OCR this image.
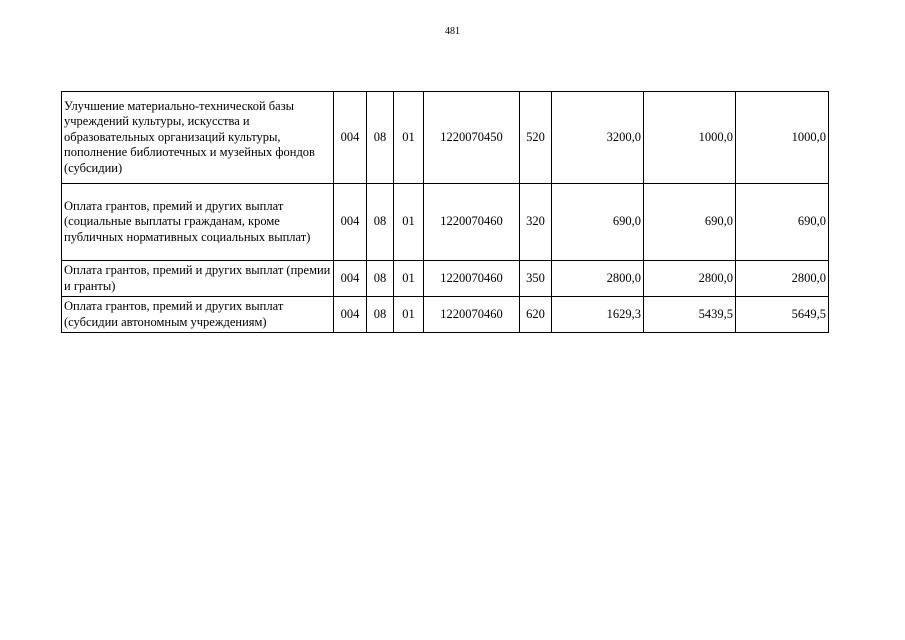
481
Улучшение материально-технической базы учреждений культуры, искусства и образовательных организаций культуры, пополнение библиотечных и музейных фондов (субсидии)	004	08	01	1220070450	520	3200,0	1000,0	1000,0
Оплата грантов, премий и других выплат (социальные выплаты гражданам, кроме публичных нормативных социальных выплат)	004	08	01	1220070460	320	690,0	690,0	690,0
Оплата грантов, премий и других выплат (премии и гранты)	004	08	01	1220070460	350	2800,0	2800,0	2800,0
Оплата грантов, премий и других выплат (субсидии автономным учреждениям)	004	08	01	1220070460	620	1629,3	5439,5	5649,5
